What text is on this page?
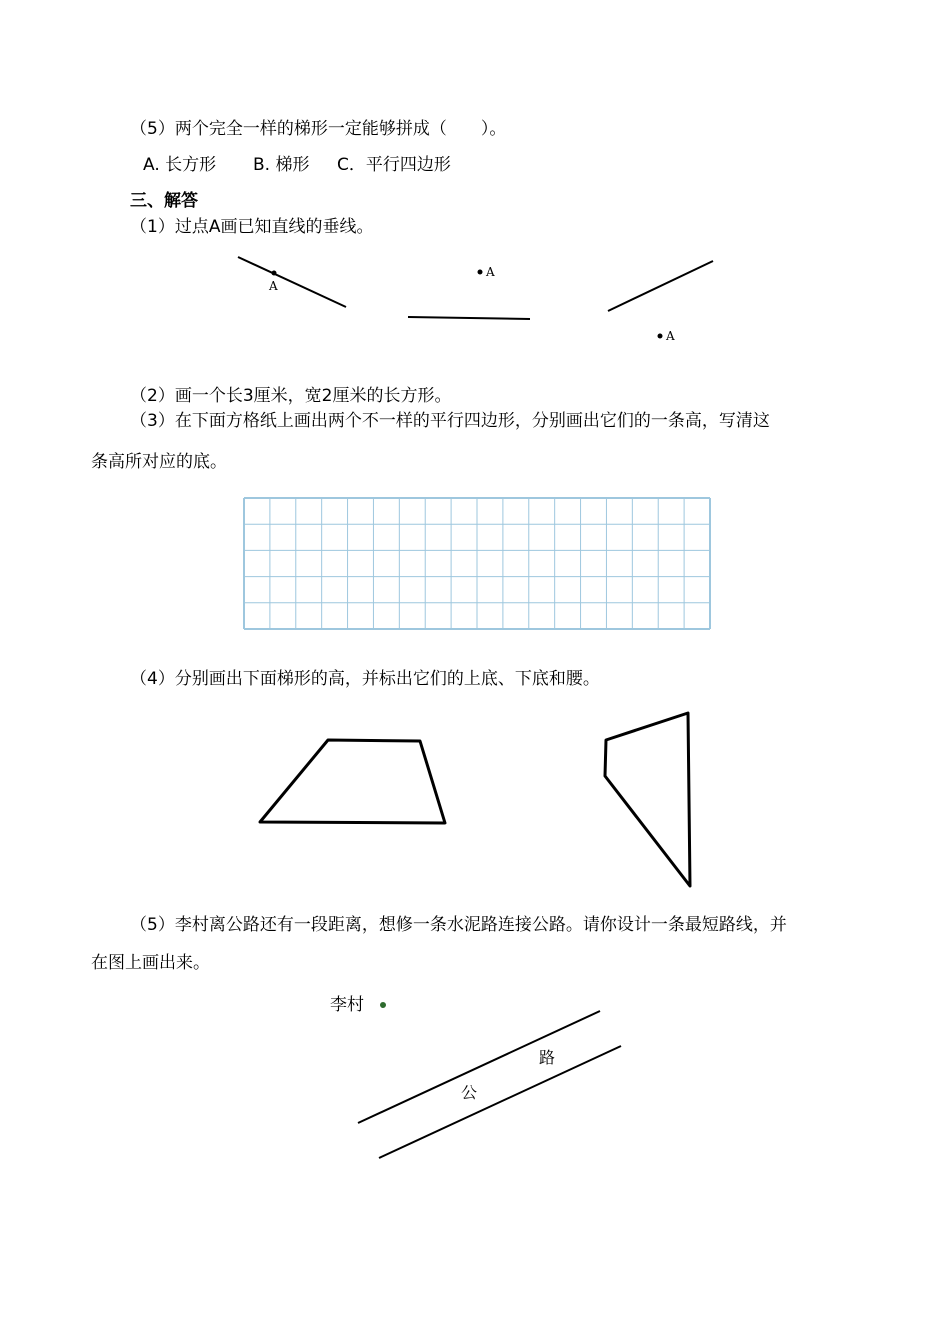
（5）两个完全一样的梯形一定能够拼成（　　）。
A. 长方形 B. 梯形 C．平行四边形
三、解答
（1）过点A画已知直线的垂线。
A
A
A
（2）画一个长3厘米，宽2厘米的长方形。
（3）在下面方格纸上画出两个不一样的平行四边形，分别画出它们的一条高，写清这
条高所对应的底。
（4）分别画出下面梯形的高，并标出它们的上底、下底和腰。
（5）李村离公路还有一段距离，想修一条水泥路连接公路。请你设计一条最短路线，并
在图上画出来。
李村
公
路
